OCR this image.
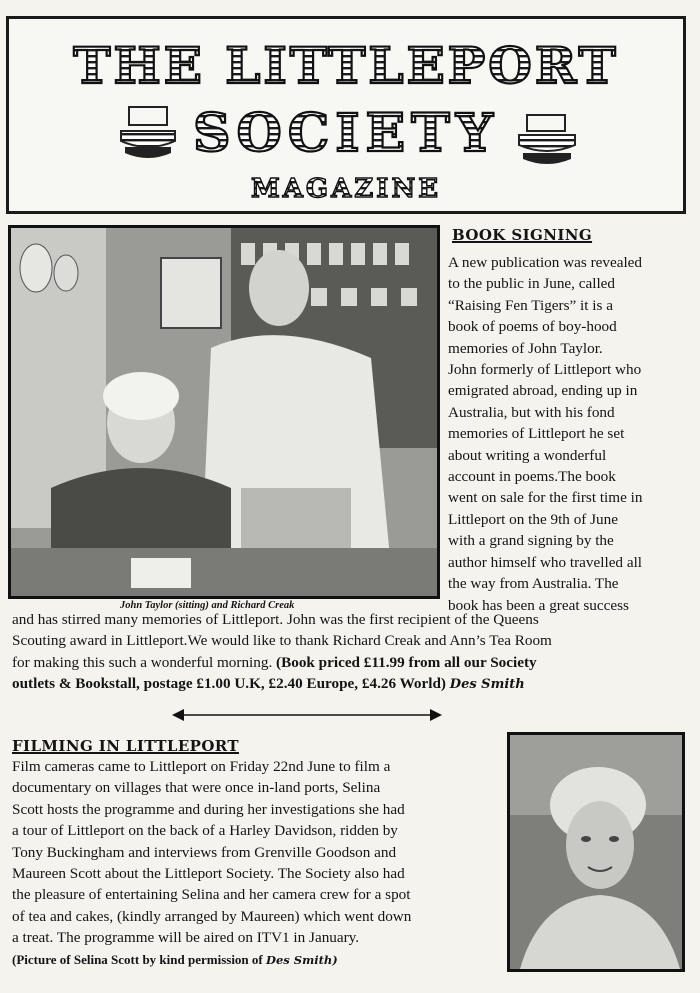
THE LITTLEPORT
SOCIETY
MAGAZINE
John Taylor (sitting) and Richard Creak
BOOK SIGNING
A new publication was revealed
to the public in June, called
“Raising Fen Tigers” it is a
book of poems of boy-hood
memories of John Taylor.
John formerly of Littleport who
emigrated abroad, ending up in
Australia, but with his fond
memories of Littleport he set
about writing a wonderful
account in poems.The book
went on sale for the first time in
Littleport on the 9th of June
with a grand signing by the
author himself who travelled all
the way from Australia. The
book has been a great success
and has stirred many memories of Littleport. John was the first recipient of the Queens
Scouting award in Littleport.We would like to thank Richard Creak and Ann’s Tea Room
for making this such a wonderful morning. (Book priced £11.99 from all our Society
outlets & Bookstall, postage £1.00 U.K, £2.40 Europe, £4.26 World) Des Smith
FILMING IN LITTLEPORT
Film cameras came to Littleport on Friday 22nd June to film a
documentary on villages that were once in-land ports, Selina
Scott hosts the programme and during her investigations she had
a tour of Littleport on the back of a Harley Davidson, ridden by
Tony Buckingham and interviews from Grenville Goodson and
Maureen Scott about the Littleport Society. The Society also had
the pleasure of entertaining Selina and her camera crew for a spot
of tea and cakes, (kindly arranged by Maureen) which went down
a treat. The programme will be aired on ITV1 in January.
(Picture of Selina Scott by kind permission of Des Smith)
